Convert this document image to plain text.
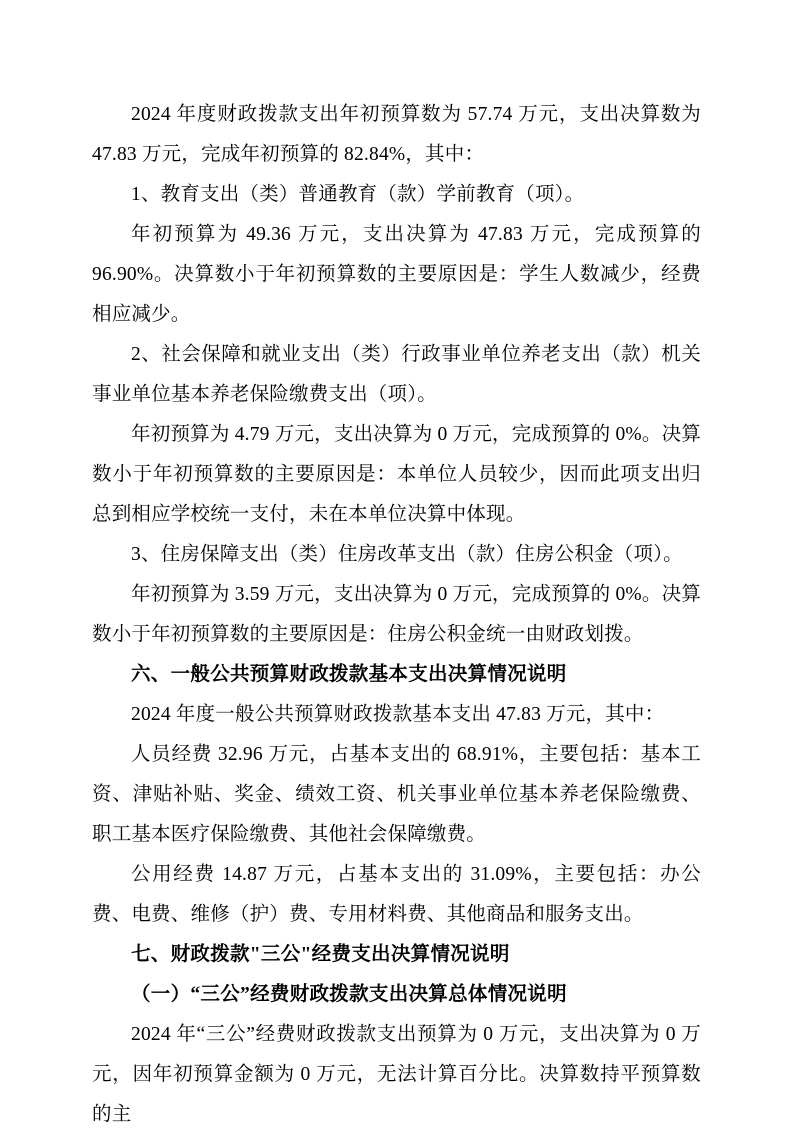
2024 年度财政拨款支出年初预算数为 57.74 万元，支出决算数为 47.83 万元，完成年初预算的 82.84%，其中：

1、教育支出（类）普通教育（款）学前教育（项）。

年初预算为 49.36 万元，支出决算为 47.83 万元，完成预算的 96.90%。决算数小于年初预算数的主要原因是：学生人数减少，经费相应减少。

2、社会保障和就业支出（类）行政事业单位养老支出（款）机关事业单位基本养老保险缴费支出（项）。

年初预算为 4.79 万元，支出决算为 0 万元，完成预算的 0%。决算数小于年初预算数的主要原因是：本单位人员较少，因而此项支出归总到相应学校统一支付，未在本单位决算中体现。

3、住房保障支出（类）住房改革支出（款）住房公积金（项）。

年初预算为 3.59 万元，支出决算为 0 万元，完成预算的 0%。决算数小于年初预算数的主要原因是：住房公积金统一由财政划拨。

六、一般公共预算财政拨款基本支出决算情况说明

2024 年度一般公共预算财政拨款基本支出 47.83 万元，其中：

人员经费 32.96 万元，占基本支出的 68.91%，主要包括：基本工资、津贴补贴、奖金、绩效工资、机关事业单位基本养老保险缴费、职工基本医疗保险缴费、其他社会保障缴费。

公用经费 14.87 万元，占基本支出的 31.09%，主要包括：办公费、电费、维修（护）费、专用材料费、其他商品和服务支出。

七、财政拨款"三公"经费支出决算情况说明

（一）“三公”经费财政拨款支出决算总体情况说明

2024 年“三公”经费财政拨款支出预算为 0 万元，支出决算为 0 万元，因年初预算金额为 0 万元，无法计算百分比。决算数持平预算数的主
